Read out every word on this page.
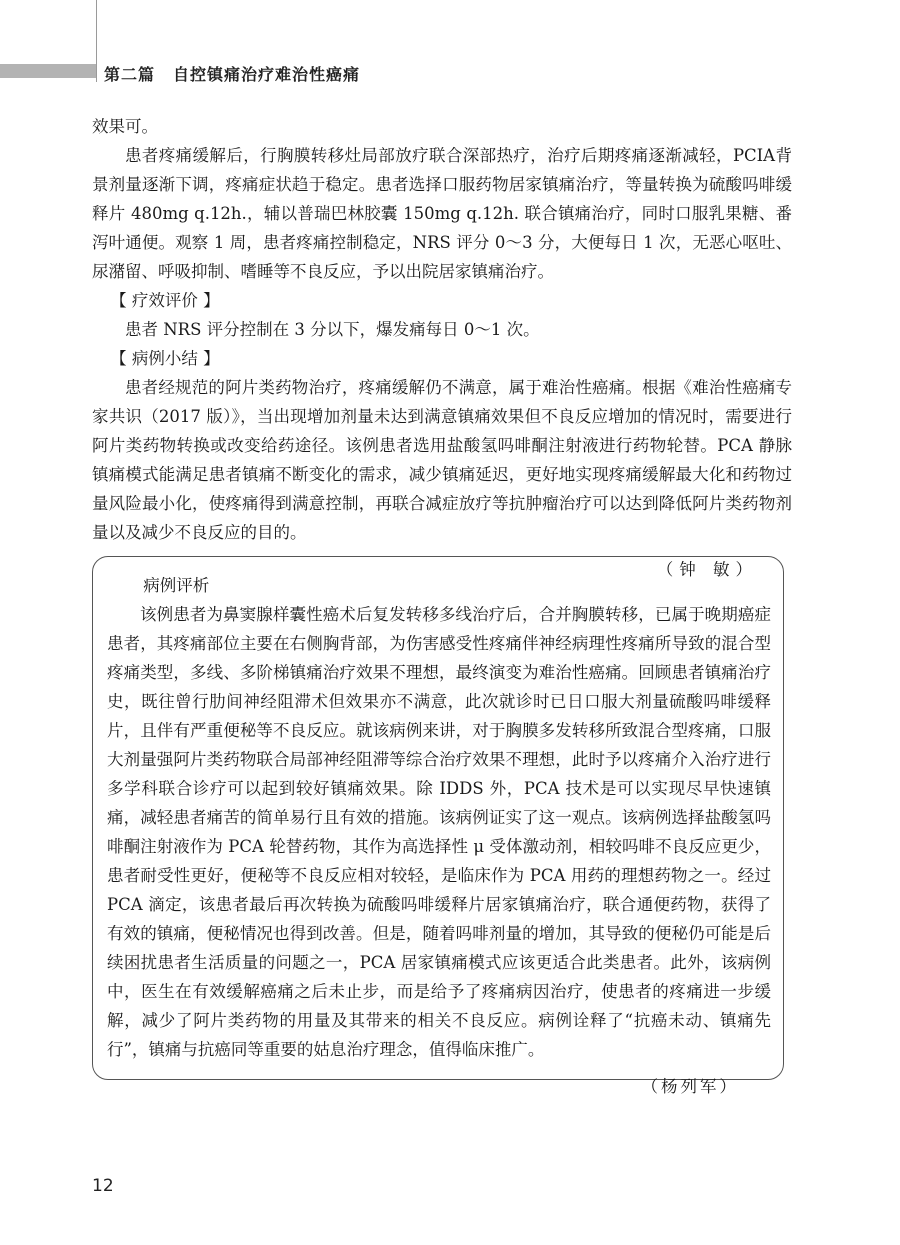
第二篇 自控镇痛治疗难治性癌痛

效果可。

患者疼痛缓解后，行胸膜转移灶局部放疗联合深部热疗，治疗后期疼痛逐渐减轻，PCIA背景剂量逐渐下调，疼痛症状趋于稳定。患者选择口服药物居家镇痛治疗，等量转换为硫酸吗啡缓释片 480mg q.12h.，辅以普瑞巴林胶囊 150mg q.12h. 联合镇痛治疗，同时口服乳果糖、番泻叶通便。观察 1 周，患者疼痛控制稳定，NRS 评分 0～3 分，大便每日 1 次，无恶心呕吐、尿潴留、呼吸抑制、嗜睡等不良反应，予以出院居家镇痛治疗。

【 疗效评价 】

患者 NRS 评分控制在 3 分以下，爆发痛每日 0～1 次。

【 病例小结 】

患者经规范的阿片类药物治疗，疼痛缓解仍不满意，属于难治性癌痛。根据《难治性癌痛专家共识（2017 版）》，当出现增加剂量未达到满意镇痛效果但不良反应增加的情况时，需要进行阿片类药物转换或改变给药途径。该例患者选用盐酸氢吗啡酮注射液进行药物轮替。PCA 静脉镇痛模式能满足患者镇痛不断变化的需求，减少镇痛延迟，更好地实现疼痛缓解最大化和药物过量风险最小化，使疼痛得到满意控制，再联合减症放疗等抗肿瘤治疗可以达到降低阿片类药物剂量以及减少不良反应的目的。

（钟 敏）

病例评析

该例患者为鼻窦腺样囊性癌术后复发转移多线治疗后，合并胸膜转移，已属于晚期癌症患者，其疼痛部位主要在右侧胸背部，为伤害感受性疼痛伴神经病理性疼痛所导致的混合型疼痛类型，多线、多阶梯镇痛治疗效果不理想，最终演变为难治性癌痛。回顾患者镇痛治疗史，既往曾行肋间神经阻滞术但效果亦不满意，此次就诊时已日口服大剂量硫酸吗啡缓释片，且伴有严重便秘等不良反应。就该病例来讲，对于胸膜多发转移所致混合型疼痛，口服大剂量强阿片类药物联合局部神经阻滞等综合治疗效果不理想，此时予以疼痛介入治疗进行多学科联合诊疗可以起到较好镇痛效果。除 IDDS 外，PCA 技术是可以实现尽早快速镇痛，减轻患者痛苦的简单易行且有效的措施。该病例证实了这一观点。该病例选择盐酸氢吗啡酮注射液作为 PCA 轮替药物，其作为高选择性 μ 受体激动剂，相较吗啡不良反应更少，患者耐受性更好，便秘等不良反应相对较轻，是临床作为 PCA 用药的理想药物之一。经过 PCA 滴定，该患者最后再次转换为硫酸吗啡缓释片居家镇痛治疗，联合通便药物，获得了有效的镇痛，便秘情况也得到改善。但是，随着吗啡剂量的增加，其导致的便秘仍可能是后续困扰患者生活质量的问题之一，PCA 居家镇痛模式应该更适合此类患者。此外，该病例中，医生在有效缓解癌痛之后未止步，而是给予了疼痛病因治疗，使患者的疼痛进一步缓解，减少了阿片类药物的用量及其带来的相关不良反应。病例诠释了“抗癌未动、镇痛先行”，镇痛与抗癌同等重要的姑息治疗理念，值得临床推广。

（杨列军）

12
